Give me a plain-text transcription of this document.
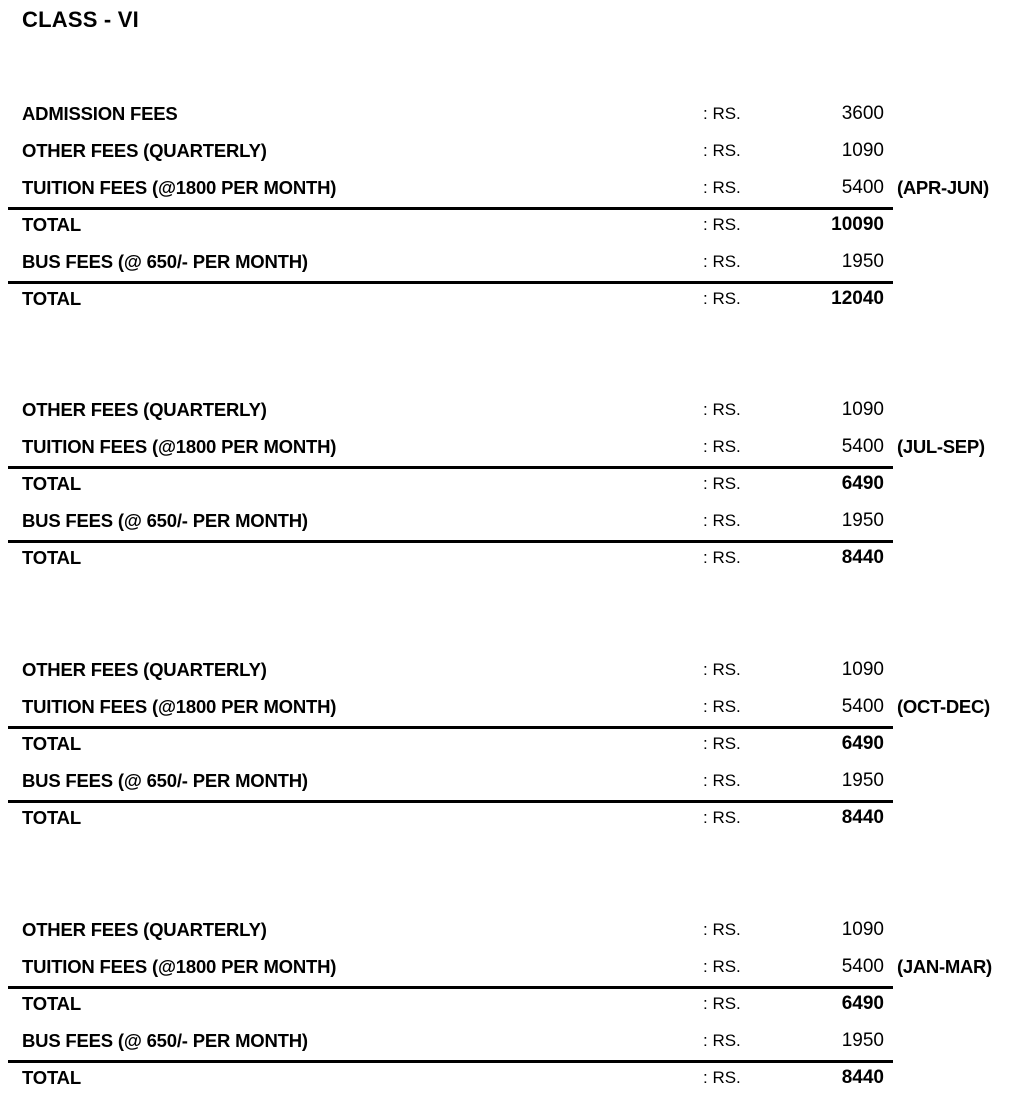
CLASS - VI
ADMISSION FEES	: RS.	3600
OTHER FEES (QUARTERLY)	: RS.	1090
TUITION FEES (@1800 PER MONTH)	: RS.	5400 (APR-JUN)
TOTAL	: RS.	10090
BUS FEES (@ 650/- PER MONTH)	: RS.	1950
TOTAL	: RS.	12040
OTHER FEES (QUARTERLY)	: RS.	1090
TUITION FEES (@1800 PER MONTH)	: RS.	5400 (JUL-SEP)
TOTAL	: RS.	6490
BUS FEES (@ 650/- PER MONTH)	: RS.	1950
TOTAL	: RS.	8440
OTHER FEES (QUARTERLY)	: RS.	1090
TUITION FEES (@1800 PER MONTH)	: RS.	5400 (OCT-DEC)
TOTAL	: RS.	6490
BUS FEES (@ 650/- PER MONTH)	: RS.	1950
TOTAL	: RS.	8440
OTHER FEES (QUARTERLY)	: RS.	1090
TUITION FEES (@1800 PER MONTH)	: RS.	5400 (JAN-MAR)
TOTAL	: RS.	6490
BUS FEES (@ 650/- PER MONTH)	: RS.	1950
TOTAL	: RS.	8440
